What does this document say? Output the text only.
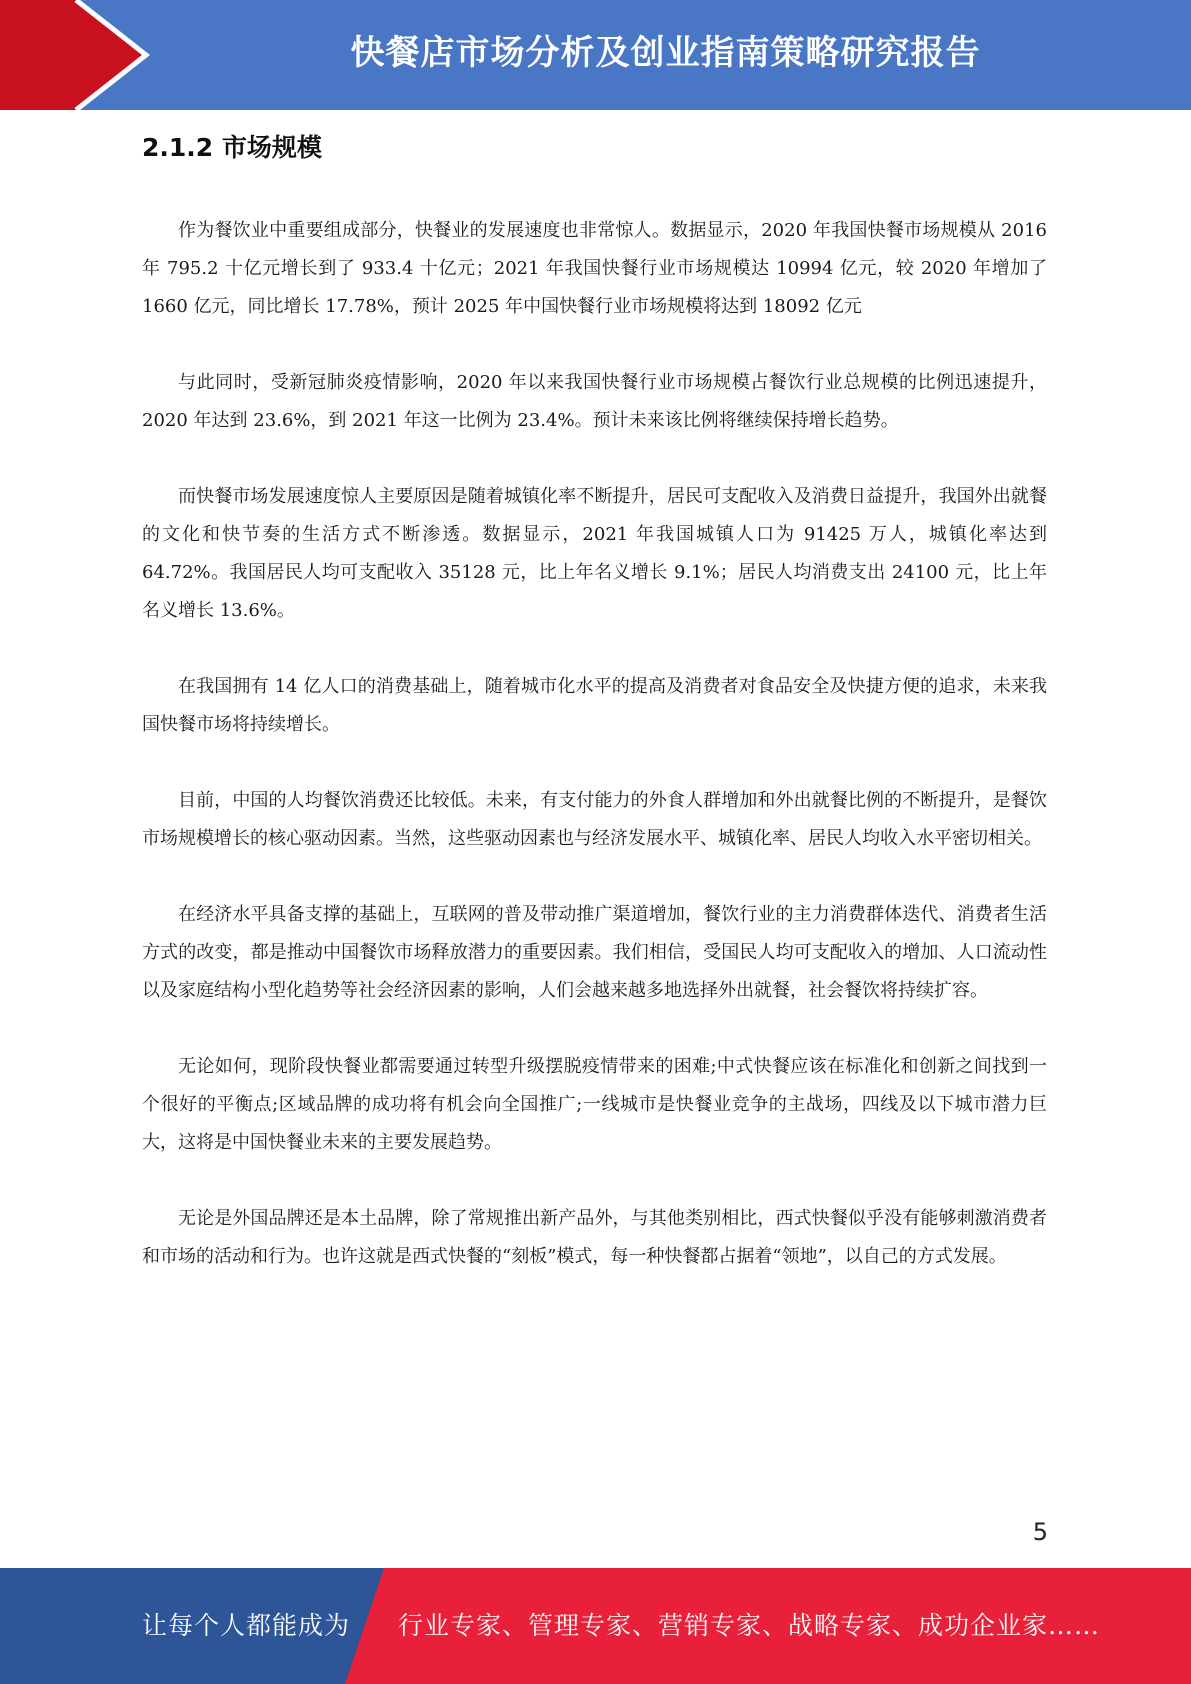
快餐店市场分析及创业指南策略研究报告
2.1.2 市场规模

作为餐饮业中重要组成部分，快餐业的发展速度也非常惊人。数据显示，2020 年我国快餐市场规模从 2016 年 795.2 十亿元增长到了 933.4 十亿元；2021 年我国快餐行业市场规模达 10994 亿元，较 2020 年增加了 1660 亿元，同比增长 17.78%，预计 2025 年中国快餐行业市场规模将达到 18092 亿元

与此同时，受新冠肺炎疫情影响，2020 年以来我国快餐行业市场规模占餐饮行业总规模的比例迅速提升，2020 年达到 23.6%，到 2021 年这一比例为 23.4%。预计未来该比例将继续保持增长趋势。

而快餐市场发展速度惊人主要原因是随着城镇化率不断提升，居民可支配收入及消费日益提升，我国外出就餐的文化和快节奏的生活方式不断渗透。数据显示，2021 年我国城镇人口为 91425 万人，城镇化率达到 64.72%。我国居民人均可支配收入 35128 元，比上年名义增长 9.1%；居民人均消费支出 24100 元，比上年名义增长 13.6%。

在我国拥有 14 亿人口的消费基础上，随着城市化水平的提高及消费者对食品安全及快捷方便的追求，未来我国快餐市场将持续增长。

目前，中国的人均餐饮消费还比较低。未来，有支付能力的外食人群增加和外出就餐比例的不断提升，是餐饮市场规模增长的核心驱动因素。当然，这些驱动因素也与经济发展水平、城镇化率、居民人均收入水平密切相关。

在经济水平具备支撑的基础上，互联网的普及带动推广渠道增加，餐饮行业的主力消费群体迭代、消费者生活方式的改变，都是推动中国餐饮市场释放潜力的重要因素。我们相信，受国民人均可支配收入的增加、人口流动性以及家庭结构小型化趋势等社会经济因素的影响，人们会越来越多地选择外出就餐，社会餐饮将持续扩容。

无论如何，现阶段快餐业都需要通过转型升级摆脱疫情带来的困难;中式快餐应该在标准化和创新之间找到一个很好的平衡点;区域品牌的成功将有机会向全国推广;一线城市是快餐业竞争的主战场，四线及以下城市潜力巨大，这将是中国快餐业未来的主要发展趋势。

无论是外国品牌还是本土品牌，除了常规推出新产品外，与其他类别相比，西式快餐似乎没有能够刺激消费者和市场的活动和行为。也许这就是西式快餐的“刻板”模式，每一种快餐都占据着“领地”，以自己的方式发展。

5
让每个人都能成为 行业专家、管理专家、营销专家、战略专家、成功企业家……
